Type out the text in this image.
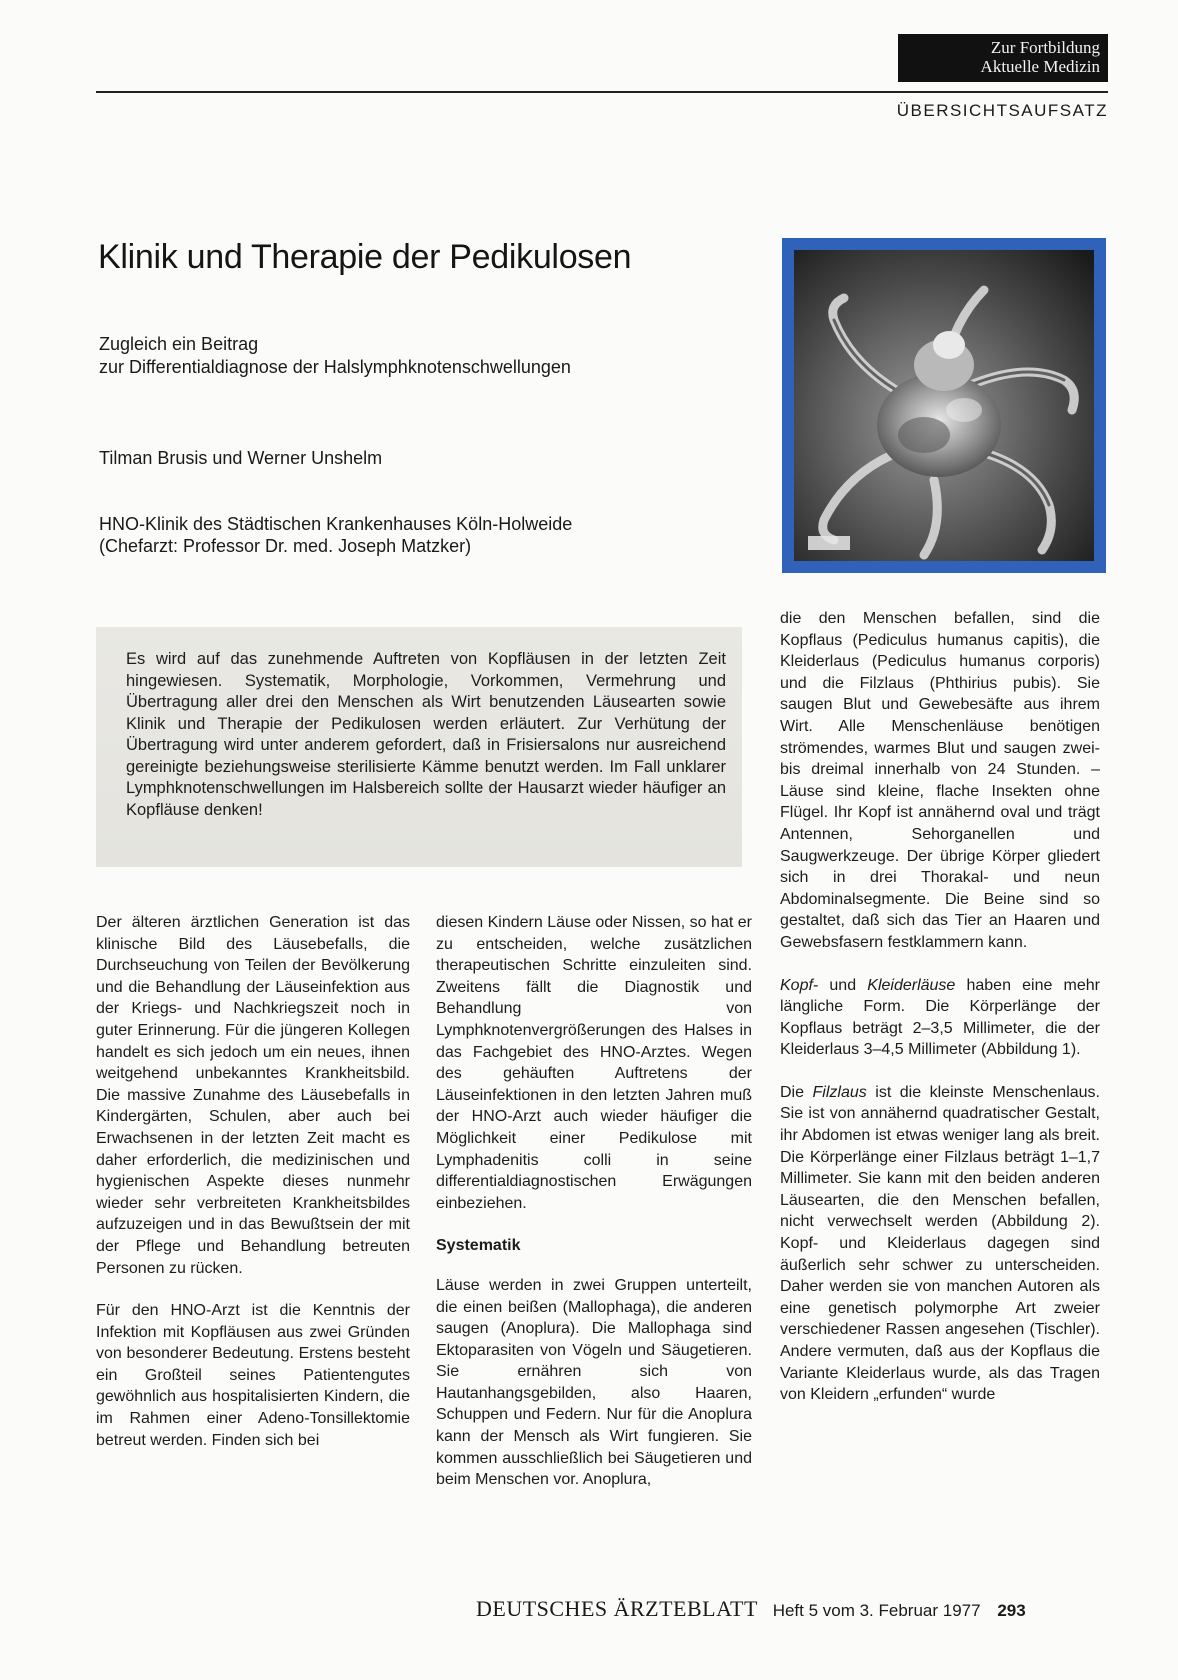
Zur Fortbildung
Aktuelle Medizin
ÜBERSICHTSAUFSATZ
Klinik und Therapie der Pedikulosen
Zugleich ein Beitrag
zur Differentialdiagnose der Halslymphknotenschwellungen
Tilman Brusis und Werner Unshelm
HNO-Klinik des Städtischen Krankenhauses Köln-Holweide
(Chefarzt: Professor Dr. med. Joseph Matzker)
Es wird auf das zunehmende Auftreten von Kopfläusen in der letzten Zeit hingewiesen. Systematik, Morphologie, Vorkommen, Vermehrung und Übertragung aller drei den Menschen als Wirt benutzenden Läusearten sowie Klinik und Therapie der Pedikulosen werden erläutert. Zur Verhütung der Übertragung wird unter anderem gefordert, daß in Frisiersalons nur ausreichend gereinigte beziehungsweise sterilisierte Kämme benutzt werden. Im Fall unklarer Lymphknotenschwellungen im Halsbereich sollte der Hausarzt wieder häufiger an Kopfläuse denken!

Der älteren ärztlichen Generation ist das klinische Bild des Läusebefalls, die Durchseuchung von Teilen der Bevölkerung und die Behandlung der Läuseinfektion aus der Kriegs- und Nachkriegszeit noch in guter Erinnerung. Für die jüngeren Kollegen handelt es sich jedoch um ein neues, ihnen weitgehend unbekanntes Krankheitsbild. Die massive Zunahme des Läusebefalls in Kindergärten, Schulen, aber auch bei Erwachsenen in der letzten Zeit macht es daher erforderlich, die medizinischen und hygienischen Aspekte dieses nunmehr wieder sehr verbreiteten Krankheitsbildes aufzuzeigen und in das Bewußtsein der mit der Pflege und Behandlung betreuten Personen zu rücken.

Für den HNO-Arzt ist die Kenntnis der Infektion mit Kopfläusen aus zwei Gründen von besonderer Bedeutung. Erstens besteht ein Großteil seines Patientengutes gewöhnlich aus hospitalisierten Kindern, die im Rahmen einer Adeno-Tonsillektomie betreut werden. Finden sich bei

diesen Kindern Läuse oder Nissen, so hat er zu entscheiden, welche zusätzlichen therapeutischen Schritte einzuleiten sind. Zweitens fällt die Diagnostik und Behandlung von Lymphknotenvergrößerungen des Halses in das Fachgebiet des HNO-Arztes. Wegen des gehäuften Auftretens der Läuseinfektionen in den letzten Jahren muß der HNO-Arzt auch wieder häufiger die Möglichkeit einer Pedikulose mit Lymphadenitis colli in seine differentialdiagnostischen Erwägungen einbeziehen.

Systematik

Läuse werden in zwei Gruppen unterteilt, die einen beißen (Mallophaga), die anderen saugen (Anoplura). Die Mallophaga sind Ektoparasiten von Vögeln und Säugetieren. Sie ernähren sich von Hautanhangsgebilden, also Haaren, Schuppen und Federn. Nur für die Anoplura kann der Mensch als Wirt fungieren. Sie kommen ausschließlich bei Säugetieren und beim Menschen vor. Anoplura,

die den Menschen befallen, sind die Kopflaus (Pediculus humanus capitis), die Kleiderlaus (Pediculus humanus corporis) und die Filzlaus (Phthirius pubis). Sie saugen Blut und Gewebesäfte aus ihrem Wirt. Alle Menschenläuse benötigen strömendes, warmes Blut und saugen zwei- bis dreimal innerhalb von 24 Stunden. – Läuse sind kleine, flache Insekten ohne Flügel. Ihr Kopf ist annähernd oval und trägt Antennen, Sehorganellen und Saugwerkzeuge. Der übrige Körper gliedert sich in drei Thorakal- und neun Abdominalsegmente. Die Beine sind so gestaltet, daß sich das Tier an Haaren und Gewebsfasern festklammern kann.

Kopf- und Kleiderläuse haben eine mehr längliche Form. Die Körperlänge der Kopflaus beträgt 2–3,5 Millimeter, die der Kleiderlaus 3–4,5 Millimeter (Abbildung 1).

Die Filzlaus ist die kleinste Menschenlaus. Sie ist von annähernd quadratischer Gestalt, ihr Abdomen ist etwas weniger lang als breit. Die Körperlänge einer Filzlaus beträgt 1–1,7 Millimeter. Sie kann mit den beiden anderen Läusearten, die den Menschen befallen, nicht verwechselt werden (Abbildung 2). Kopf- und Kleiderlaus dagegen sind äußerlich sehr schwer zu unterscheiden. Daher werden sie von manchen Autoren als eine genetisch polymorphe Art zweier verschiedener Rassen angesehen (Tischler). Andere vermuten, daß aus der Kopflaus die Variante Kleiderlaus wurde, als das Tragen von Kleidern „erfunden“ wurde

DEUTSCHES ÄRZTEBLATT Heft 5 vom 3. Februar 1977 293
